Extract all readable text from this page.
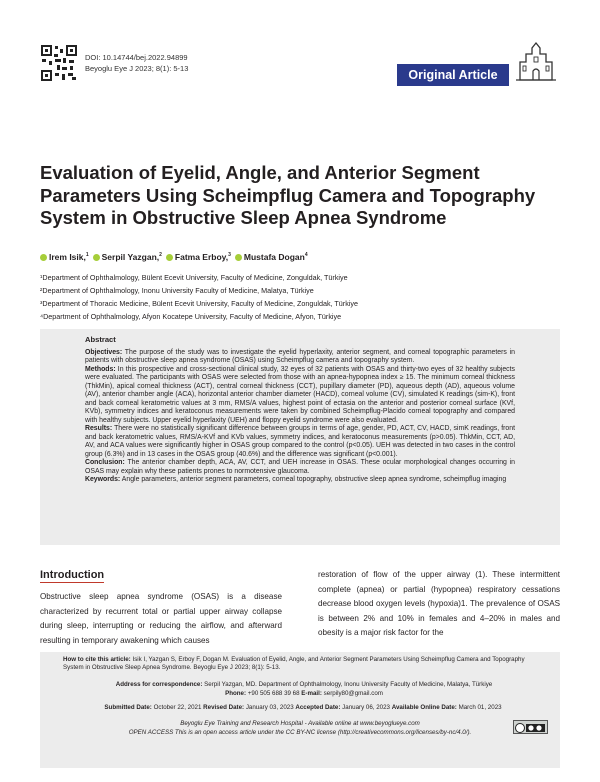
DOI: 10.14744/bej.2022.94899
Beyoglu Eye J 2023; 8(1): 5-13	Original Article
Evaluation of Eyelid, Angle, and Anterior Segment Parameters Using Scheimpflug Camera and Topography System in Obstructive Sleep Apnea Syndrome
Irem Isik,$^1$	Serpil Yazgan,$^2$	Fatma Erboy,$^3$	Mustafa Dogan$^4$
¹Department of Ophthalmology, Bülent Ecevit University, Faculty of Medicine, Zonguldak, Türkiye
²Department of Ophthalmology, Inonu University Faculty of Medicine, Malatya, Türkiye
³Department of Thoracic Medicine, Bülent Ecevit University, Faculty of Medicine, Zonguldak, Türkiye
⁴Department of Ophthalmology, Afyon Kocatepe University, Faculty of Medicine, Afyon, Türkiye

Abstract

Objectives: The purpose of the study was to investigate the eyelid hyperlaxity, anterior segment, and corneal topographic parameters in patients with obstructive sleep apnea syndrome (OSAS) using Scheimpflug camera and topography system.

Methods: In this prospective and cross-sectional clinical study, 32 eyes of 32 patients with OSAS and thirty-two eyes of 32 healthy subjects were evaluated. The participants with OSAS were selected from those with an apnea-hypopnea index ≥ 15. The minimum corneal thickness (ThkMin), apical corneal thickness (ACT), central corneal thickness (CCT), pupillary diameter (PD), aqueous depth (AD), aqueous volume (AV), anterior chamber angle (ACA), horizontal anterior chamber diameter (HACD), corneal volume (CV), simulated K readings (sim-K), front and back corneal keratometric values at 3 mm, RMS/A values, highest point of ectasia on the anterior and posterior corneal surface (KVf, KVb), symmetry indices and keratoconus measurements were taken by combined Scheimpflug-Placido corneal topography and compared with healthy subjects. Upper eyelid hyperlaxity (UEH) and floppy eyelid syndrome were also evaluated.

Results: There were no statistically significant difference between groups in terms of age, gender, PD, ACT, CV, HACD, simK readings, front and back keratometric values, RMS/A-KVf and KVb values, symmetry indices, and keratoconus measurements (p>0.05). ThkMin, CCT, AD, AV, and ACA values were significantly higher in OSAS group compared to the control (p<0.05). UEH was detected in two cases in the control group (6.3%) and in 13 cases in the OSAS group (40.6%) and the difference was significant (p<0.001).

Conclusion: The anterior chamber depth, ACA, AV, CCT, and UEH increase in OSAS. These ocular morphological changes occurring in OSAS may explain why these patients prones to normotensive glaucoma.

Keywords: Angle parameters, anterior segment parameters, corneal topography, obstructive sleep apnea syndrome, scheimpflug imaging

Introduction
Obstructive sleep apnea syndrome (OSAS) is a disease characterized by recurrent total or partial upper airway collapse during sleep, interrupting or reducing the airflow, and afterward resulting in temporary awakening which causes
restoration of flow of the upper airway (1). These intermittent complete (apnea) or partial (hypopnea) respiratory cessations decrease blood oxygen levels (hypoxia)1. The prevalence of OSAS is between 2% and 10% in females and 4–20% in males and obesity is a major risk factor for the
How to cite this article: Isik I, Yazgan S, Erboy F, Dogan M. Evaluation of Eyelid, Angle, and Anterior Segment Parameters Using Scheimpflug Camera and Topography System in Obstructive Sleep Apnea Syndrome. Beyoglu Eye J 2023; 8(1): 5-13.
Address for correspondence: Serpil Yazgan, MD. Department of Ophthalmology, Inonu University Faculty of Medicine, Malatya, Türkiye
Phone: +90 505 688 39 68 E-mail: serpily80@gmail.com
Submitted Date: October 22, 2021 Revised Date: January 03, 2023 Accepted Date: January 06, 2023 Available Online Date: March 01, 2023
Beyoglu Eye Training and Research Hospital - Available online at www.beyoglueye.com
OPEN ACCESS This is an open access article under the CC BY-NC license (http://creativecommons.org/licenses/by-nc/4.0/).
